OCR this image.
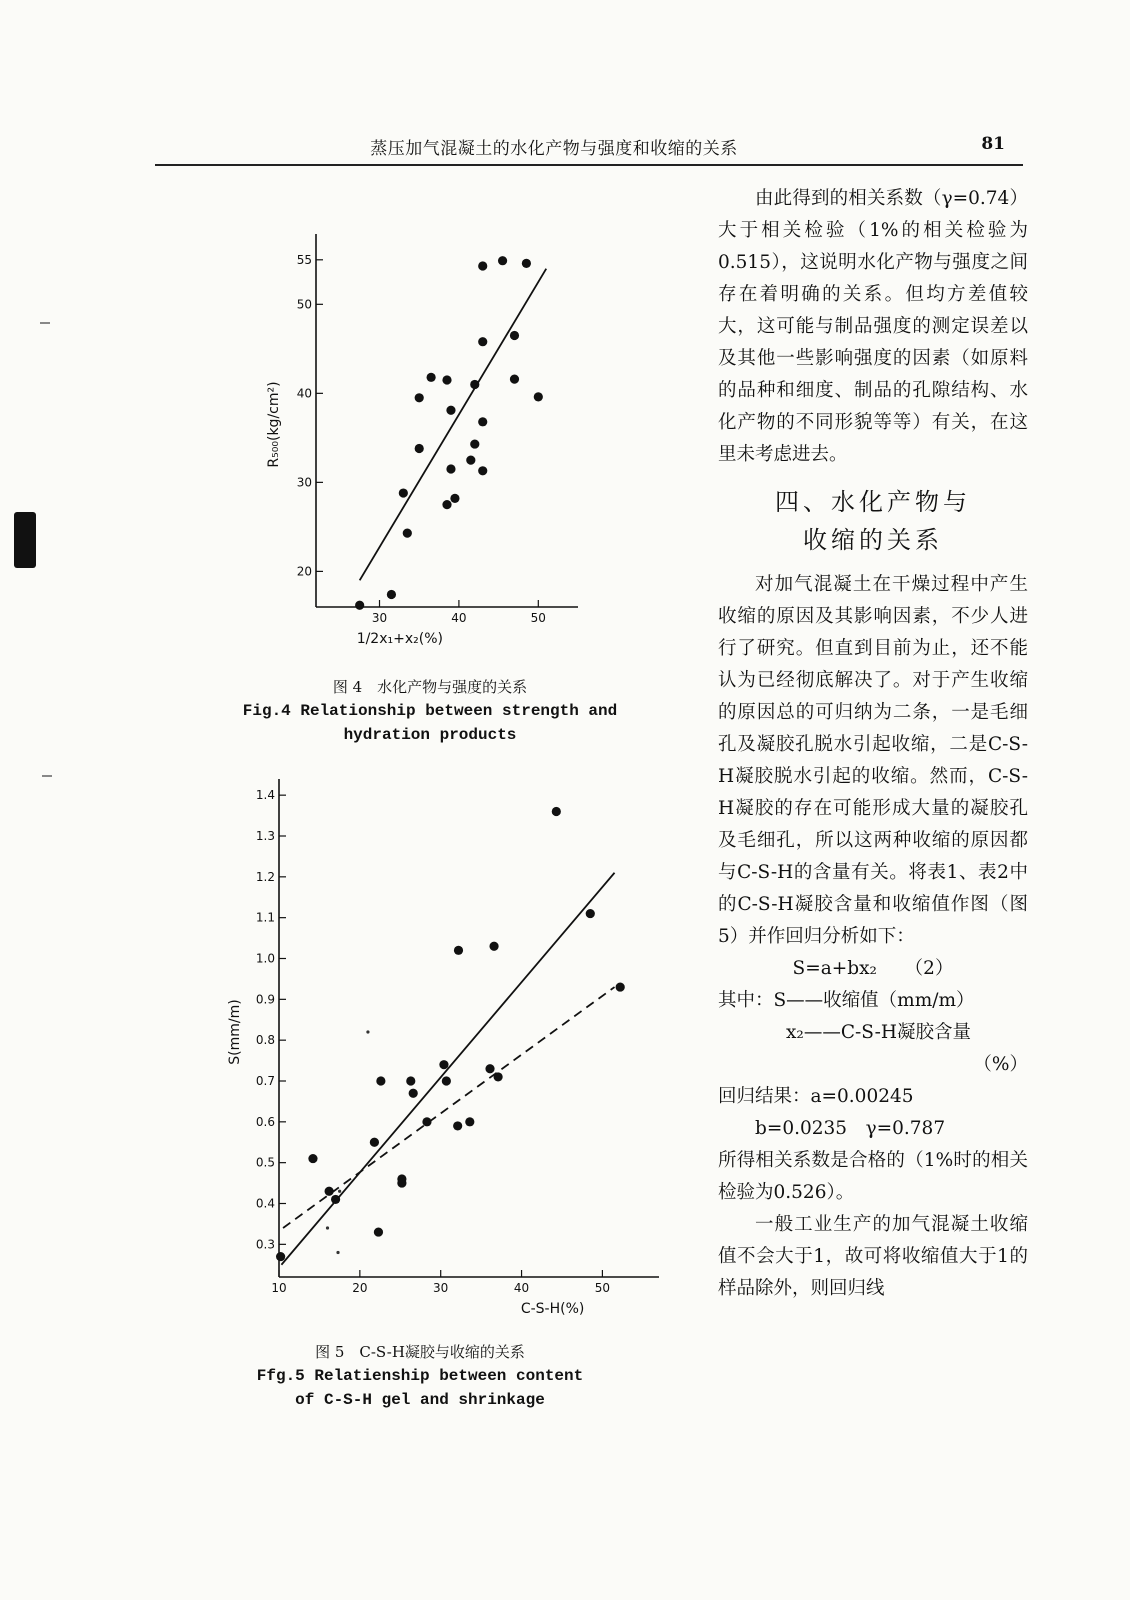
蒸压加气混凝土的水化产物与强度和收缩的关系	81
20
30
40
50
55
30	40	50
1/2x₁+x₂(%)
R₅₀₀(kg/cm²)
图 4　水化产物与强度的关系
Fig.4 Relationship between strength and
hydration products
0.3
0.4
0.5
0.6
0.7
0.8
0.9
1.0
1.1
1.2
1.3
1.4
10	20	30	40	50
C-S-H(%)
S(mm/m)
图 5　C-S-H凝胶与收缩的关系
Ffg.5 Relatienship between content
of C-S-H gel and shrinkage

由此得到的相关系数（γ=0.74）大于相关检验（1%的相关检验为0.515），这说明水化产物与强度之间存在着明确的关系。但均方差值较大，这可能与制品强度的测定误差以及其他一些影响强度的因素（如原料的品种和细度、制品的孔隙结构、水化产物的不同形貌等等）有关，在这里未考虑进去。

四、水化产物与
收缩的关系

对加气混凝土在干燥过程中产生收缩的原因及其影响因素，不少人进行了研究。但直到目前为止，还不能认为已经彻底解决了。对于产生收缩的原因总的可归纳为二条，一是毛细孔及凝胶孔脱水引起收缩，二是C-S-H凝胶脱水引起的收缩。然而，C-S-H凝胶的存在可能形成大量的凝胶孔及毛细孔，所以这两种收缩的原因都与C-S-H的含量有关。将表1、表2中的C-S-H凝胶含量和收缩值作图（图5）并作回归分析如下：

S=a+bx₂　　（2）

其中：S——收缩值（mm/m）

x₂——C-S-H凝胶含量

（%）

回归结果：a=0.00245

b=0.0235　γ=0.787

所得相关系数是合格的（1%时的相关检验为0.526）。

一般工业生产的加气混凝土收缩值不会大于1，故可将收缩值大于1的样品除外，则回归线
